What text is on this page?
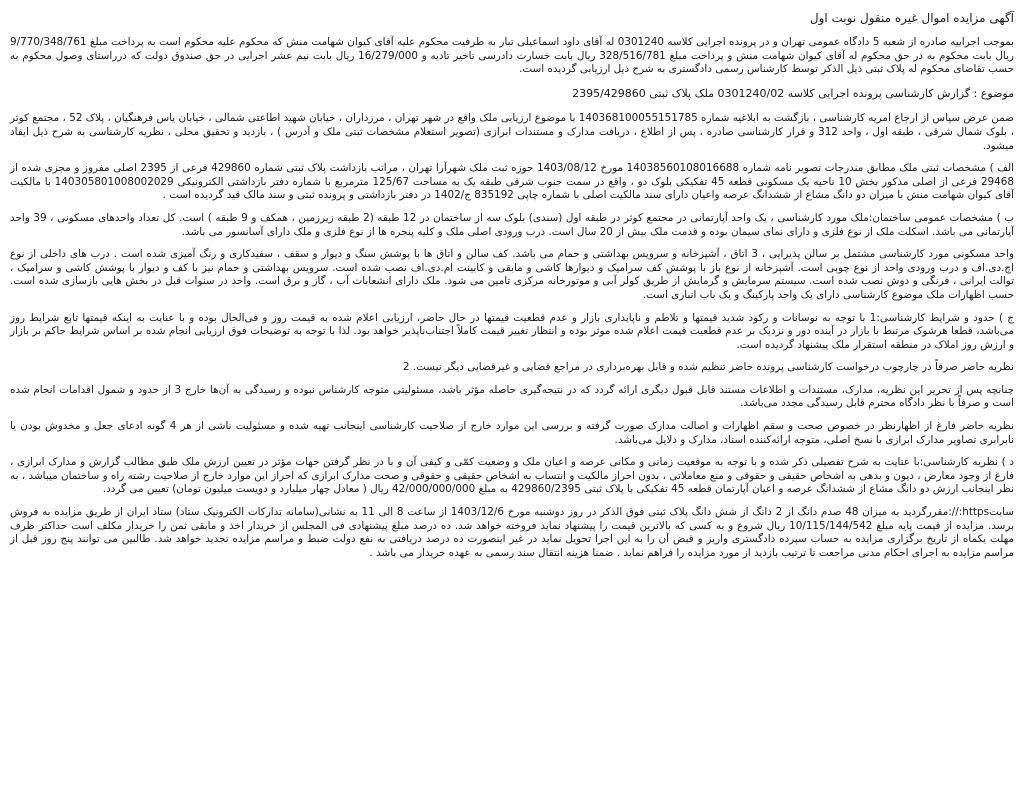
آگهی مزایده اموال غیره منقول نوبت اول

بموجب اجراییه صادره از شعبه 5 دادگاه عمومی تهران و در پرونده اجرایی کلاسه 0301240 له آقای داود اسماعیلی تبار به طرفیت محکوم علیه آقای کیوان شهامت منش که محکوم علیه محکوم است به پرداخت مبلغ 9/770/348/761 ریال بابت محکوم به در حق محکوم له آقای کیوان شهامت منش و پرداخت مبلغ 328/516/781 ریال بابت خسارت دادرسی تاخیر تادیه و 16/279/000 ریال بابت نیم عشر اجرایی در حق صندوق دولت که درراستای وصول محکوم به حسب تقاضای محکوم له پلاک ثبتی ذیل الذکر توسط کارشناس رسمی دادگستری به شرح ذیل ارزیابی گردیده است.

موضوع : گزارش کارشناسی پرونده اجرایی کلاسه 0301240/02 ملک پلاک ثبتی 2395/429860

ضمن عرض سپاس از ارجاع امریه کارشناسی ، بازگشت به ابلاغیه شماره 140368100055151785 با موضوع ارزیابی ملک واقع در شهر تهران ، مرزداران ، خیابان شهید اطاعتی شمالی ، خیابان یاس فرهنگیان ، پلاک 52 ، مجتمع کوثر ، بلوک شمال شرقی ، طبقه اول ، واحد 312 و قرار کارشناسی صادره ، پس از اطلاع ، دریافت مدارک و مستندات ابرازی (تصویر استعلام مشخصات ثبتی ملک و آدرس ) ، بازدید و تحقیق محلی ، نظریه کارشناسی به شرح ذیل ایفاد میشود.

الف ) مشخصات ثبتی ملک مطابق مندرجات تصویر نامه شماره 14038560108016688 مورخ 1403/08/12 حوزه ثبت ملک شهرآرا تهران ، مراتب بازداشت پلاک ثبتی شماره 429860 فرعی از 2395 اصلی مفروز و مجزی شده از 29468 فرعی از اصلی مذکور بخش 10 ناحیه یک مسکونی قطعه 45 تفکیکی بلوک دو ، واقع در سمت جنوب شرقی طبقه یک به مساحت 125/67 مترمربع با شماره دفتر بازداشتی الکترونیکی 140305801008002029 با مالکیت آقای کیوان شهامت منش با میزان دو دانگ مشاع از ششدانگ عرصه واعیان دارای سند مالکیت اصلی با شماره چاپی 835192 ج/1402 در دفتر بازداشتی و پرونده ثبتی و سند مالک قید گردیده است .

ب ) مشخصات عمومی ساختمان:ملک مورد کارشناسی ، یک واحد آپارتمانی در مجتمع کوثر در طبقه اول (سندی) بلوک سه از ساختمان در 12 طبقه (2 طبقه زیرزمین ، همکف و 9 طبقه ) است. کل تعداد واحدهای مسکونی ، 39 واحد آپارتمانی می باشد. اسکلت ملک از نوع فلزی و دارای نمای سیمان بوده و قدمت ملک بیش از 20 سال است. درب ورودی اصلی ملک و کلیه پنجره ها از نوع فلزی و ملک دارای آسانسور می باشد.

واحد مسکونی مورد کارشناسی مشتمل بر سالن پذیرایی ، 3 اتاق ، آشپزخانه و سرویس بهداشتی و حمام می باشد. کف سالن و اتاق ها با پوشش سنگ و دیوار و سقف ، سفیدکاری و رنگ آمیزی شده است . درب های داخلی از نوع اچ.دی.اف و درب ورودی واحد از نوع چوبی است. آشپزخانه از نوع باز با پوشش کف سرامیک و دیوارها کاشی و مابقی و کابینت ام.دی.اف نصب شده است. سرویس بهداشتی و حمام نیز با کف و دیوار با پوشش کاشی و سرامیک ، توالت ایرانی ، فرنگی و دوش نصب شده است. سیستم سرمایش و گرمایش از طریق کولر آبی و موتورخانه مرکزی تامین می شود. ملک دارای انشعابات آب ، گاز و برق است. واحد در سنوات قبل در بخش هایی بازسازی شده است. حسب اظهارات ملک موضوع کارشناسی دارای یک واحد پارکینگ و یک باب انباری است.

ج ) حدود و شرایط کارشناسی:1 با توجه به نوسانات و رکود شدید قیمتها و تلاطم و ناپایداری بازار و عدم قطعیت قیمتها در حال حاضر، ارزیابی اعلام شده به قیمت روز و فی‌الحال بوده و با عنایت به اینکه قیمتها تابع شرایط روز می‌باشد، قطعا هرشوک مرتبط با بازار در آینده دور و نزدیک بر عدم قطعیت قیمت اعلام شده موثر بوده و انتظار تغییر قیمت کاملاً اجتناب‌ناپذیر خواهد بود. لذا با توجه به توضیحات فوق ارزیابی انجام شده بر اساس شرایط حاکم بر بازار و ارزش روز املاک در منطقه استقرار ملک پیشنهاد گردیده است.

نظریه حاضر صرفاً در چارچوب درخواست کارشناسی پرونده حاضر تنظیم شده و قابل بهره‌برداری در مراجع قضایی و غیرقضایی دیگر نیست. 2

چنانچه پس از تحریر این نظریه، مدارک، مستندات و اطلاعات مستند قابل قبول دیگری ارائه گردد که در نتیجه‌گیری حاصله مؤثر باشد، مسئولیتی متوجه کارشناس نبوده و رسیدگی به آن‌ها خارج 3 از حدود و شمول اقدامات انجام شده است و صرفاً با نظر دادگاه محترم قابل رسیدگی مجدد می‌باشد.

نظریه حاضر فارغ از اظهارنظر در خصوص صحت و سقم اظهارات و اصالت مدارک صورت گرفته و بررسی این موارد خارج از صلاحیت کارشناسی اینجانب تهیه شده و مسئولیت ناشی از هر 4 گونه ادعای جعل و مخدوش بودن یا نابرابری تصاویر مدارک ابرازی با نسخ اصلی، متوجه ارائه‌کننده اسناد، مدارک و دلایل می‌باشد.

د ) نظریه کارشناسی:با عنایت به شرح تفصیلی ذکر شده و با توجه به موقعیت زمانی و مکانی عرصه و اعیان ملک و وضعیت کمّی و کیفی آن و با در نظر گرفتن جهات مؤثر در تعیین ارزش ملک طبق مطالب گزارش و مدارک ابرازی ، فارغ از وجود معارض ، دیون و بدهی به اشخاص حقیقی و حقوقی و منع معاملاتی ، بدون احراز مالکیت و انتساب به اشخاص حقیقی و حقوقی و صحت مدارک ابرازی که احراز این موارد خارج از صلاحیت رشته راه و ساختمان میباشد ، به نظر اینجانب ارزش دو دانگ مشاع از ششدانگ عرصه و اعیان آپارتمان قطعه 45 تفکیکی با پلاک ثبتی 429860/2395 به مبلغ 42/000/000/000 ریال ( معادل چهار میلیارد و دویست میلیون تومان) تعیین می گردد.

سایتhttps://:مقررگردید به میزان 48 صدم دانگ از 2 دانگ از شش دانگ پلاک ثبتی فوق الذکر در روز دوشنبه مورخ 1403/12/6 از ساعت 8 الی 11 به نشانی(سامانه تدارکات الکترونیک ستاد) ستاد ایران از طریق مزایده به فروش برسد. مزایده از قیمت پایه مبلغ 10/115/144/542 ریال شروع و به کسی که بالاترین قیمت را پیشنهاد نماید فروخته خواهد شد. ده درصد مبلغ پیشنهادی فی المجلس از خریدار اخذ و مابقی ثمن را خریدار مکلف است حداکثر ظرف مهلت یکماه از تاریخ برگزاری مزایده به حساب سپرده دادگستری واریز و قبض آن را به این اجرا تحویل نماید در غیر اینصورت ده درصد دریافتی به نفع دولت ضبط و مراسم مزایده تجدید خواهد شد. طالبین می توانند پنج روز قبل از مراسم مزایده به اجرای احکام مدنی مراجعت تا ترتیب بازدید از مورد مزایده را فراهم نماید . ضمنا هزینه انتقال سند رسمی به عهده خریدار می باشد .
